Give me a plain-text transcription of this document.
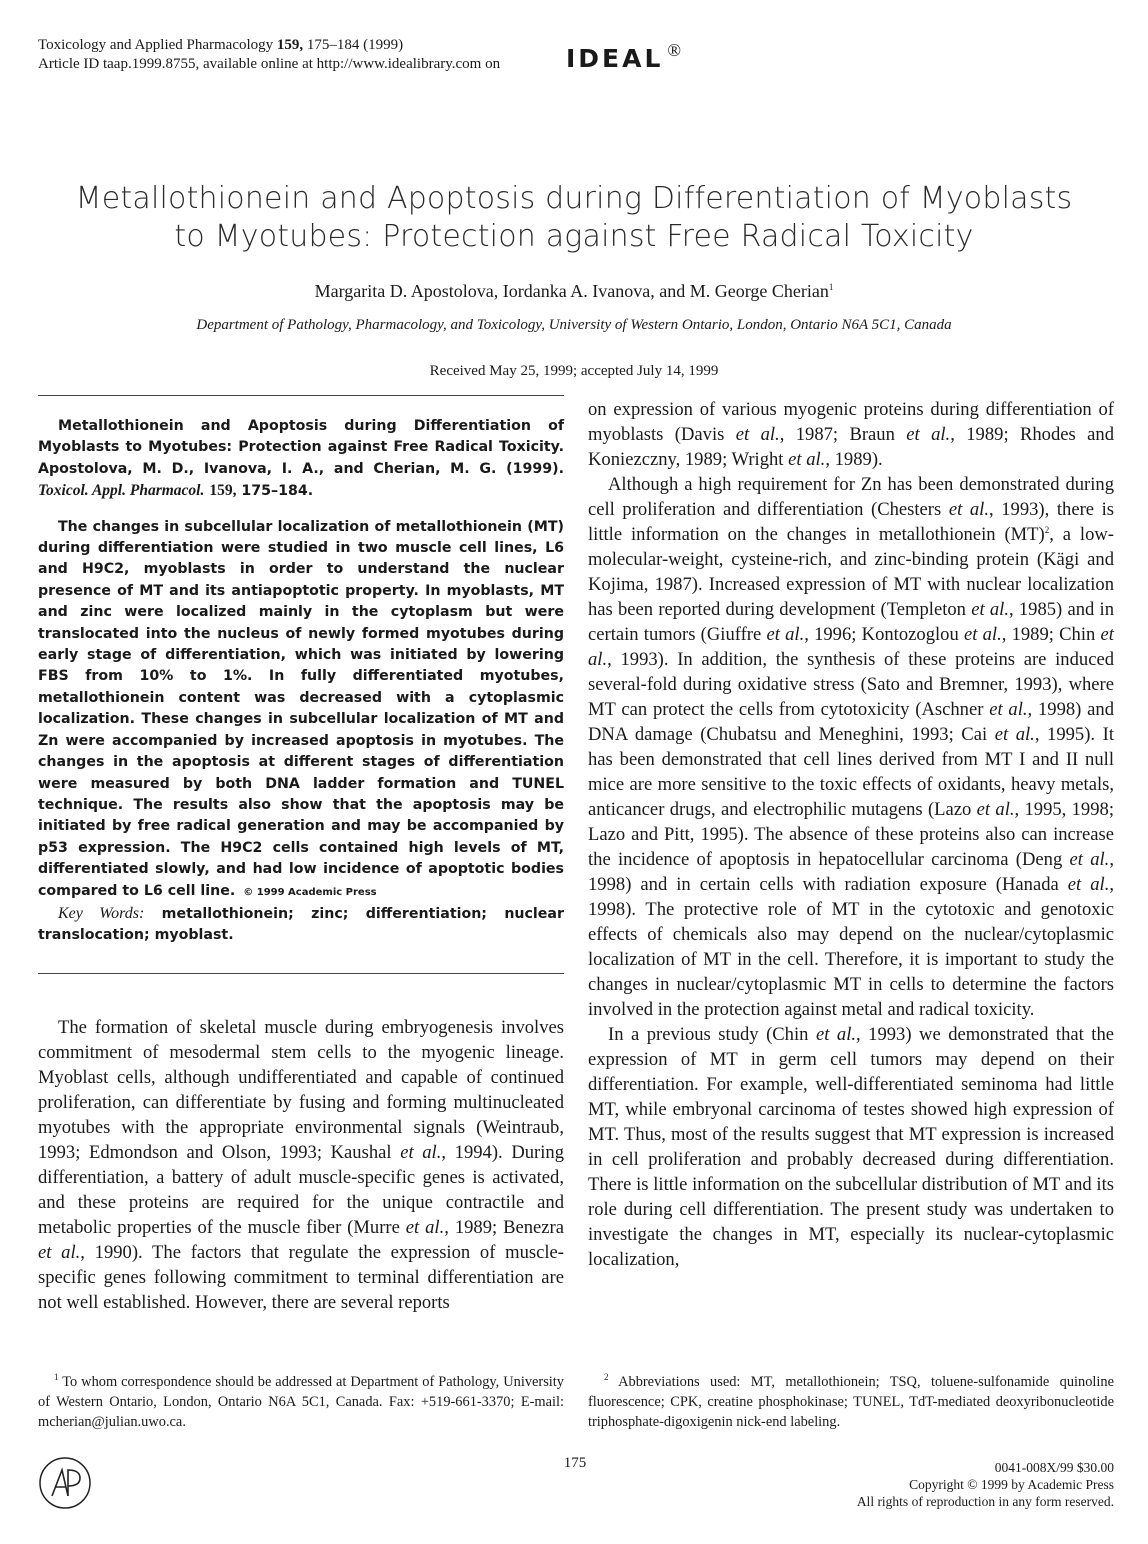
Toxicology and Applied Pharmacology 159, 175–184 (1999)
Article ID taap.1999.8755, available online at http://www.idealibrary.com on	IDEAL ®
Metallothionein and Apoptosis during Differentiation of Myoblasts
to Myotubes: Protection against Free Radical Toxicity
Margarita D. Apostolova, Iordanka A. Ivanova, and M. George Cherian$^1$
Department of Pathology, Pharmacology, and Toxicology, University of Western Ontario, London, Ontario N6A 5C1, Canada
Received May 25, 1999; accepted July 14, 1999

Metallothionein and Apoptosis during Differentiation of Myoblasts to Myotubes: Protection against Free Radical Toxicity. Apostolova, M. D., Ivanova, I. A., and Cherian, M. G. (1999). Toxicol. Appl. Pharmacol. 159, 175–184.

The changes in subcellular localization of metallothionein (MT) during differentiation were studied in two muscle cell lines, L6 and H9C2, myoblasts in order to understand the nuclear presence of MT and its antiapoptotic property. In myoblasts, MT and zinc were localized mainly in the cytoplasm but were translocated into the nucleus of newly formed myotubes during early stage of differentiation, which was initiated by lowering FBS from 10% to 1%. In fully differentiated myotubes, metallothionein content was decreased with a cytoplasmic localization. These changes in subcellular localization of MT and Zn were accompanied by increased apoptosis in myotubes. The changes in the apoptosis at different stages of differentiation were measured by both DNA ladder formation and TUNEL technique. The results also show that the apoptosis may be initiated by free radical generation and may be accompanied by p53 expression. The H9C2 cells contained high levels of MT, differentiated slowly, and had low incidence of apoptotic bodies compared to L6 cell line. © 1999 Academic Press

Key Words: metallothionein; zinc; differentiation; nuclear translocation; myoblast.

The formation of skeletal muscle during embryogenesis involves commitment of mesodermal stem cells to the myogenic lineage. Myoblast cells, although undifferentiated and capable of continued proliferation, can differentiate by fusing and forming multinucleated myotubes with the appropriate environmental signals (Weintraub, 1993; Edmondson and Olson, 1993; Kaushal et al., 1994). During differentiation, a battery of adult muscle-specific genes is activated, and these proteins are required for the unique contractile and metabolic properties of the muscle fiber (Murre et al., 1989; Benezra et al., 1990). The factors that regulate the expression of muscle-specific genes following commitment to terminal differentiation are not well established. However, there are several reports

on expression of various myogenic proteins during differentiation of myoblasts (Davis et al., 1987; Braun et al., 1989; Rhodes and Koniezczny, 1989; Wright et al., 1989).

Although a high requirement for Zn has been demonstrated during cell proliferation and differentiation (Chesters et al., 1993), there is little information on the changes in metallothionein (MT)$^2$, a low-molecular-weight, cysteine-rich, and zinc-binding protein (Kägi and Kojima, 1987). Increased expression of MT with nuclear localization has been reported during development (Templeton et al., 1985) and in certain tumors (Giuffre et al., 1996; Kontozoglou et al., 1989; Chin et al., 1993). In addition, the synthesis of these proteins are induced several-fold during oxidative stress (Sato and Bremner, 1993), where MT can protect the cells from cytotoxicity (Aschner et al., 1998) and DNA damage (Chubatsu and Meneghini, 1993; Cai et al., 1995). It has been demonstrated that cell lines derived from MT I and II null mice are more sensitive to the toxic effects of oxidants, heavy metals, anticancer drugs, and electrophilic mutagens (Lazo et al., 1995, 1998; Lazo and Pitt, 1995). The absence of these proteins also can increase the incidence of apoptosis in hepatocellular carcinoma (Deng et al., 1998) and in certain cells with radiation exposure (Hanada et al., 1998). The protective role of MT in the cytotoxic and genotoxic effects of chemicals also may depend on the nuclear/cytoplasmic localization of MT in the cell. Therefore, it is important to study the changes in nuclear/cytoplasmic MT in cells to determine the factors involved in the protection against metal and radical toxicity.

In a previous study (Chin et al., 1993) we demonstrated that the expression of MT in germ cell tumors may depend on their differentiation. For example, well-differentiated seminoma had little MT, while embryonal carcinoma of testes showed high expression of MT. Thus, most of the results suggest that MT expression is increased in cell proliferation and probably decreased during differentiation. There is little information on the subcellular distribution of MT and its role during cell differentiation. The present study was undertaken to investigate the changes in MT, especially its nuclear-cytoplasmic localization,

$^1$ To whom correspondence should be addressed at Department of Pathology, University of Western Ontario, London, Ontario N6A 5C1, Canada. Fax: +519-661-3370; E-mail: mcherian@julian.uwo.ca.
$^2$ Abbreviations used: MT, metallothionein; TSQ, toluene-sulfonamide quinoline fluorescence; CPK, creatine phosphokinase; TUNEL, TdT-mediated deoxyribonucleotide triphosphate-digoxigenin nick-end labeling.
175	0041-008X/99 $30.00
Copyright © 1999 by Academic Press
All rights of reproduction in any form reserved.
